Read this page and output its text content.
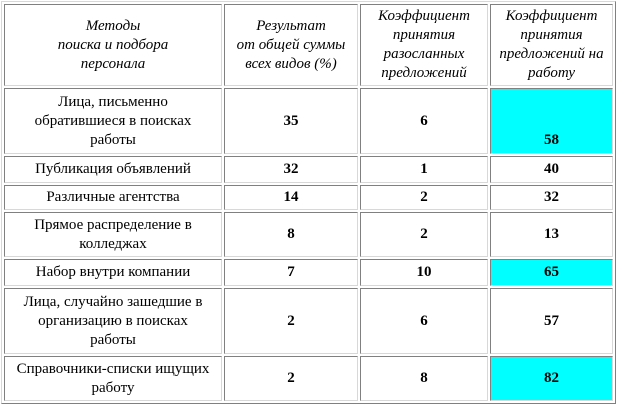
Методы
поиска и подбора
персонала	Результат
от общей суммы
всех видов (%)	Коэффициент
принятия
разосланных
предложений	Коэффициент
принятия
предложений на
работу
Лица, письменно
обратившиеся в поисках
работы	35	6	58
Публикация объявлений	32	1	40
Различные агентства	14	2	32
Прямое распределение в
колледжах	8	2	13
Набор внутри компании	7	10	65
Лица, случайно зашедшие в
организацию в поисках
работы	2	6	57
Справочники-списки ищущих
работу	2	8	82
